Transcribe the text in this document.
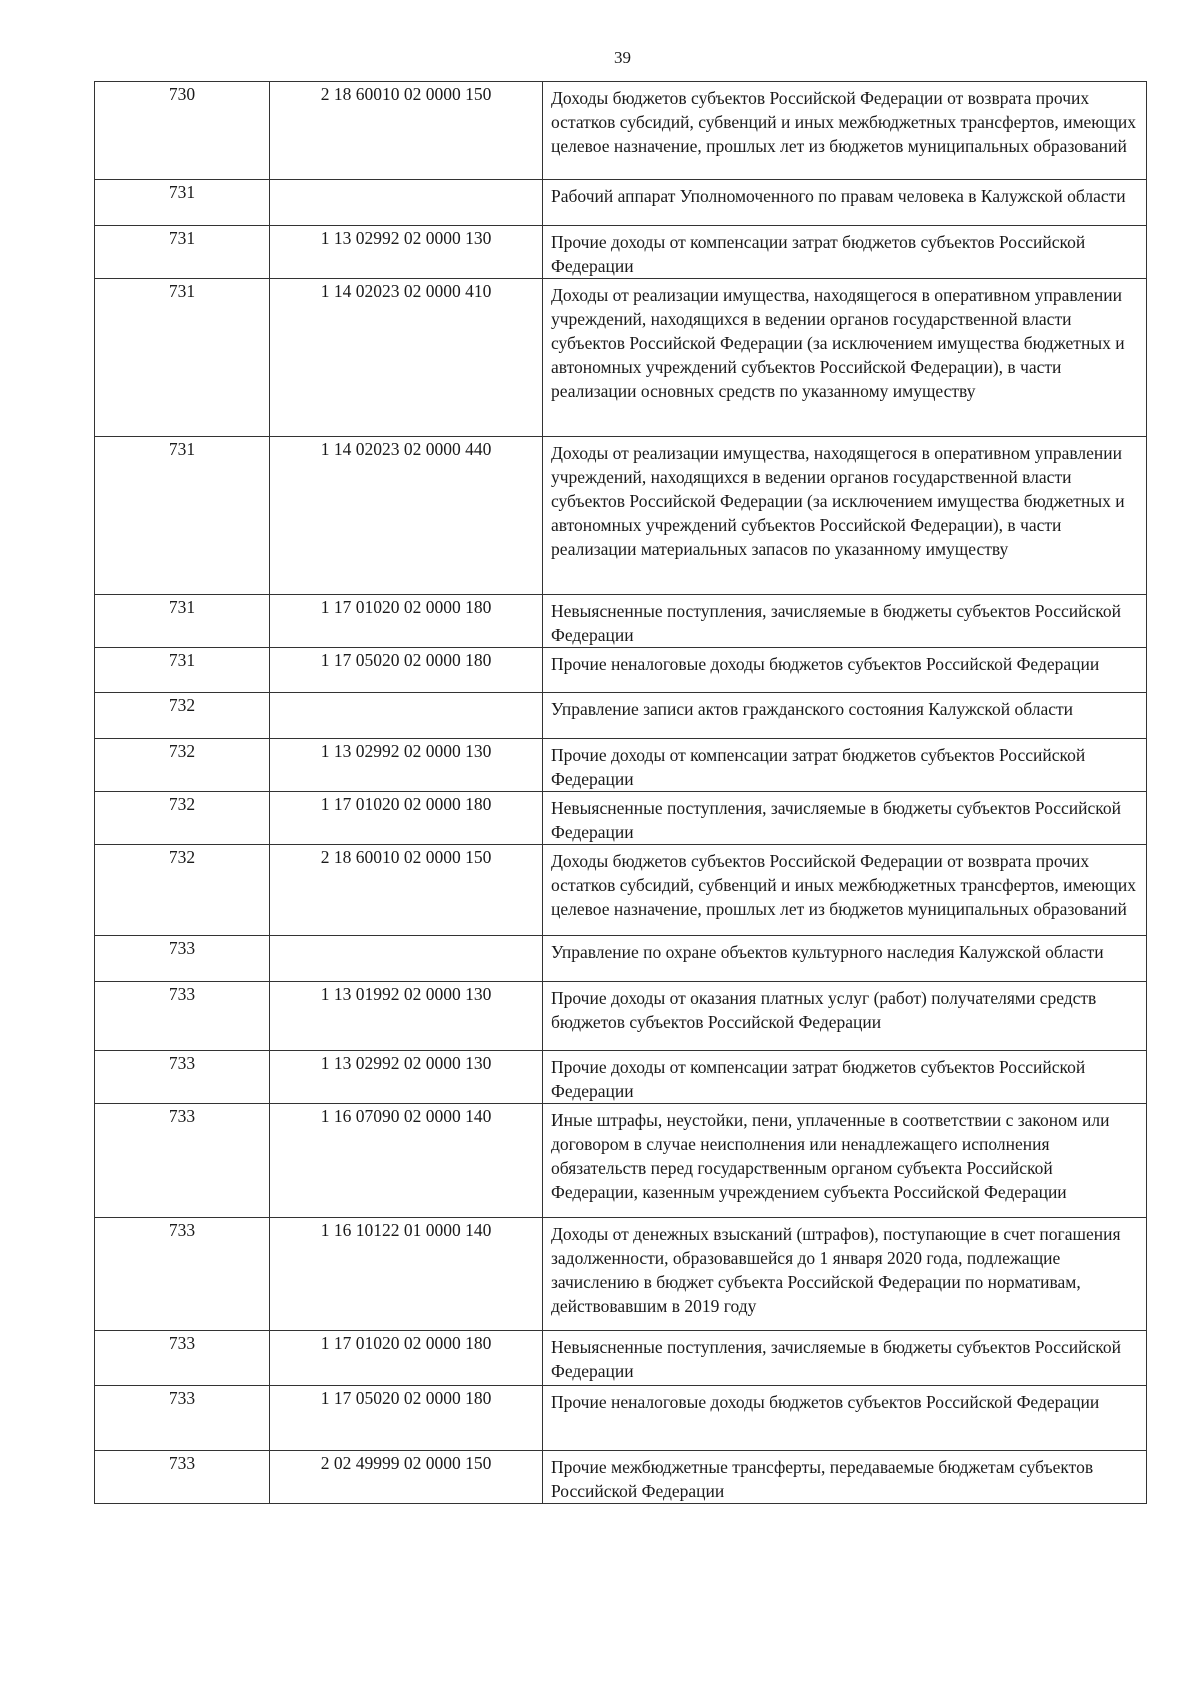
39
730	2 18 60010 02 0000 150	Доходы бюджетов субъектов Российской Федерации от возврата прочих остатков субсидий, субвенций и иных межбюджетных трансфертов, имеющих целевое назначение, прошлых лет из бюджетов муниципальных образований

731		Рабочий аппарат Уполномоченного по правам человека в Калужской области

731	1 13 02992 02 0000 130	Прочие доходы от компенсации затрат бюджетов субъектов Российской Федерации

731	1 14 02023 02 0000 410	Доходы от реализации имущества, находящегося в оперативном управлении учреждений, находящихся в ведении органов государственной власти субъектов Российской Федерации (за исключением имущества бюджетных и автономных учреждений субъектов Российской Федерации), в части реализации основных средств по указанному имуществу

731	1 14 02023 02 0000 440	Доходы от реализации имущества, находящегося в оперативном управлении учреждений, находящихся в ведении органов государственной власти субъектов Российской Федерации (за исключением имущества бюджетных и автономных учреждений субъектов Российской Федерации), в части реализации материальных запасов по указанному имуществу

731	1 17 01020 02 0000 180	Невыясненные поступления, зачисляемые в бюджеты субъектов Российской Федерации

731	1 17 05020 02 0000 180	Прочие неналоговые доходы бюджетов субъектов Российской Федерации

732		Управление записи актов гражданского состояния Калужской области

732	1 13 02992 02 0000 130	Прочие доходы от компенсации затрат бюджетов субъектов Российской Федерации

732	1 17 01020 02 0000 180	Невыясненные поступления, зачисляемые в бюджеты субъектов Российской Федерации

732	2 18 60010 02 0000 150	Доходы бюджетов субъектов Российской Федерации от возврата прочих остатков субсидий, субвенций и иных межбюджетных трансфертов, имеющих целевое назначение, прошлых лет из бюджетов муниципальных образований

733		Управление по охране объектов культурного наследия Калужской области

733	1 13 01992 02 0000 130	Прочие доходы от оказания платных услуг (работ) получателями средств бюджетов субъектов Российской Федерации

733	1 13 02992 02 0000 130	Прочие доходы от компенсации затрат бюджетов субъектов Российской Федерации

733	1 16 07090 02 0000 140	Иные штрафы, неустойки, пени, уплаченные в соответствии с законом или договором в случае неисполнения или ненадлежащего исполнения обязательств перед государственным органом субъекта Российской Федерации, казенным учреждением субъекта Российской Федерации

733	1 16 10122 01 0000 140	Доходы от денежных взысканий (штрафов), поступающие в счет погашения задолженности, образовавшейся до 1 января 2020 года, подлежащие зачислению в бюджет субъекта Российской Федерации по нормативам, действовавшим в 2019 году

733	1 17 01020 02 0000 180	Невыясненные поступления, зачисляемые в бюджеты субъектов Российской Федерации

733	1 17 05020 02 0000 180	Прочие неналоговые доходы бюджетов субъектов Российской Федерации

733	2 02 49999 02 0000 150	Прочие межбюджетные трансферты, передаваемые бюджетам субъектов Российской Федерации
